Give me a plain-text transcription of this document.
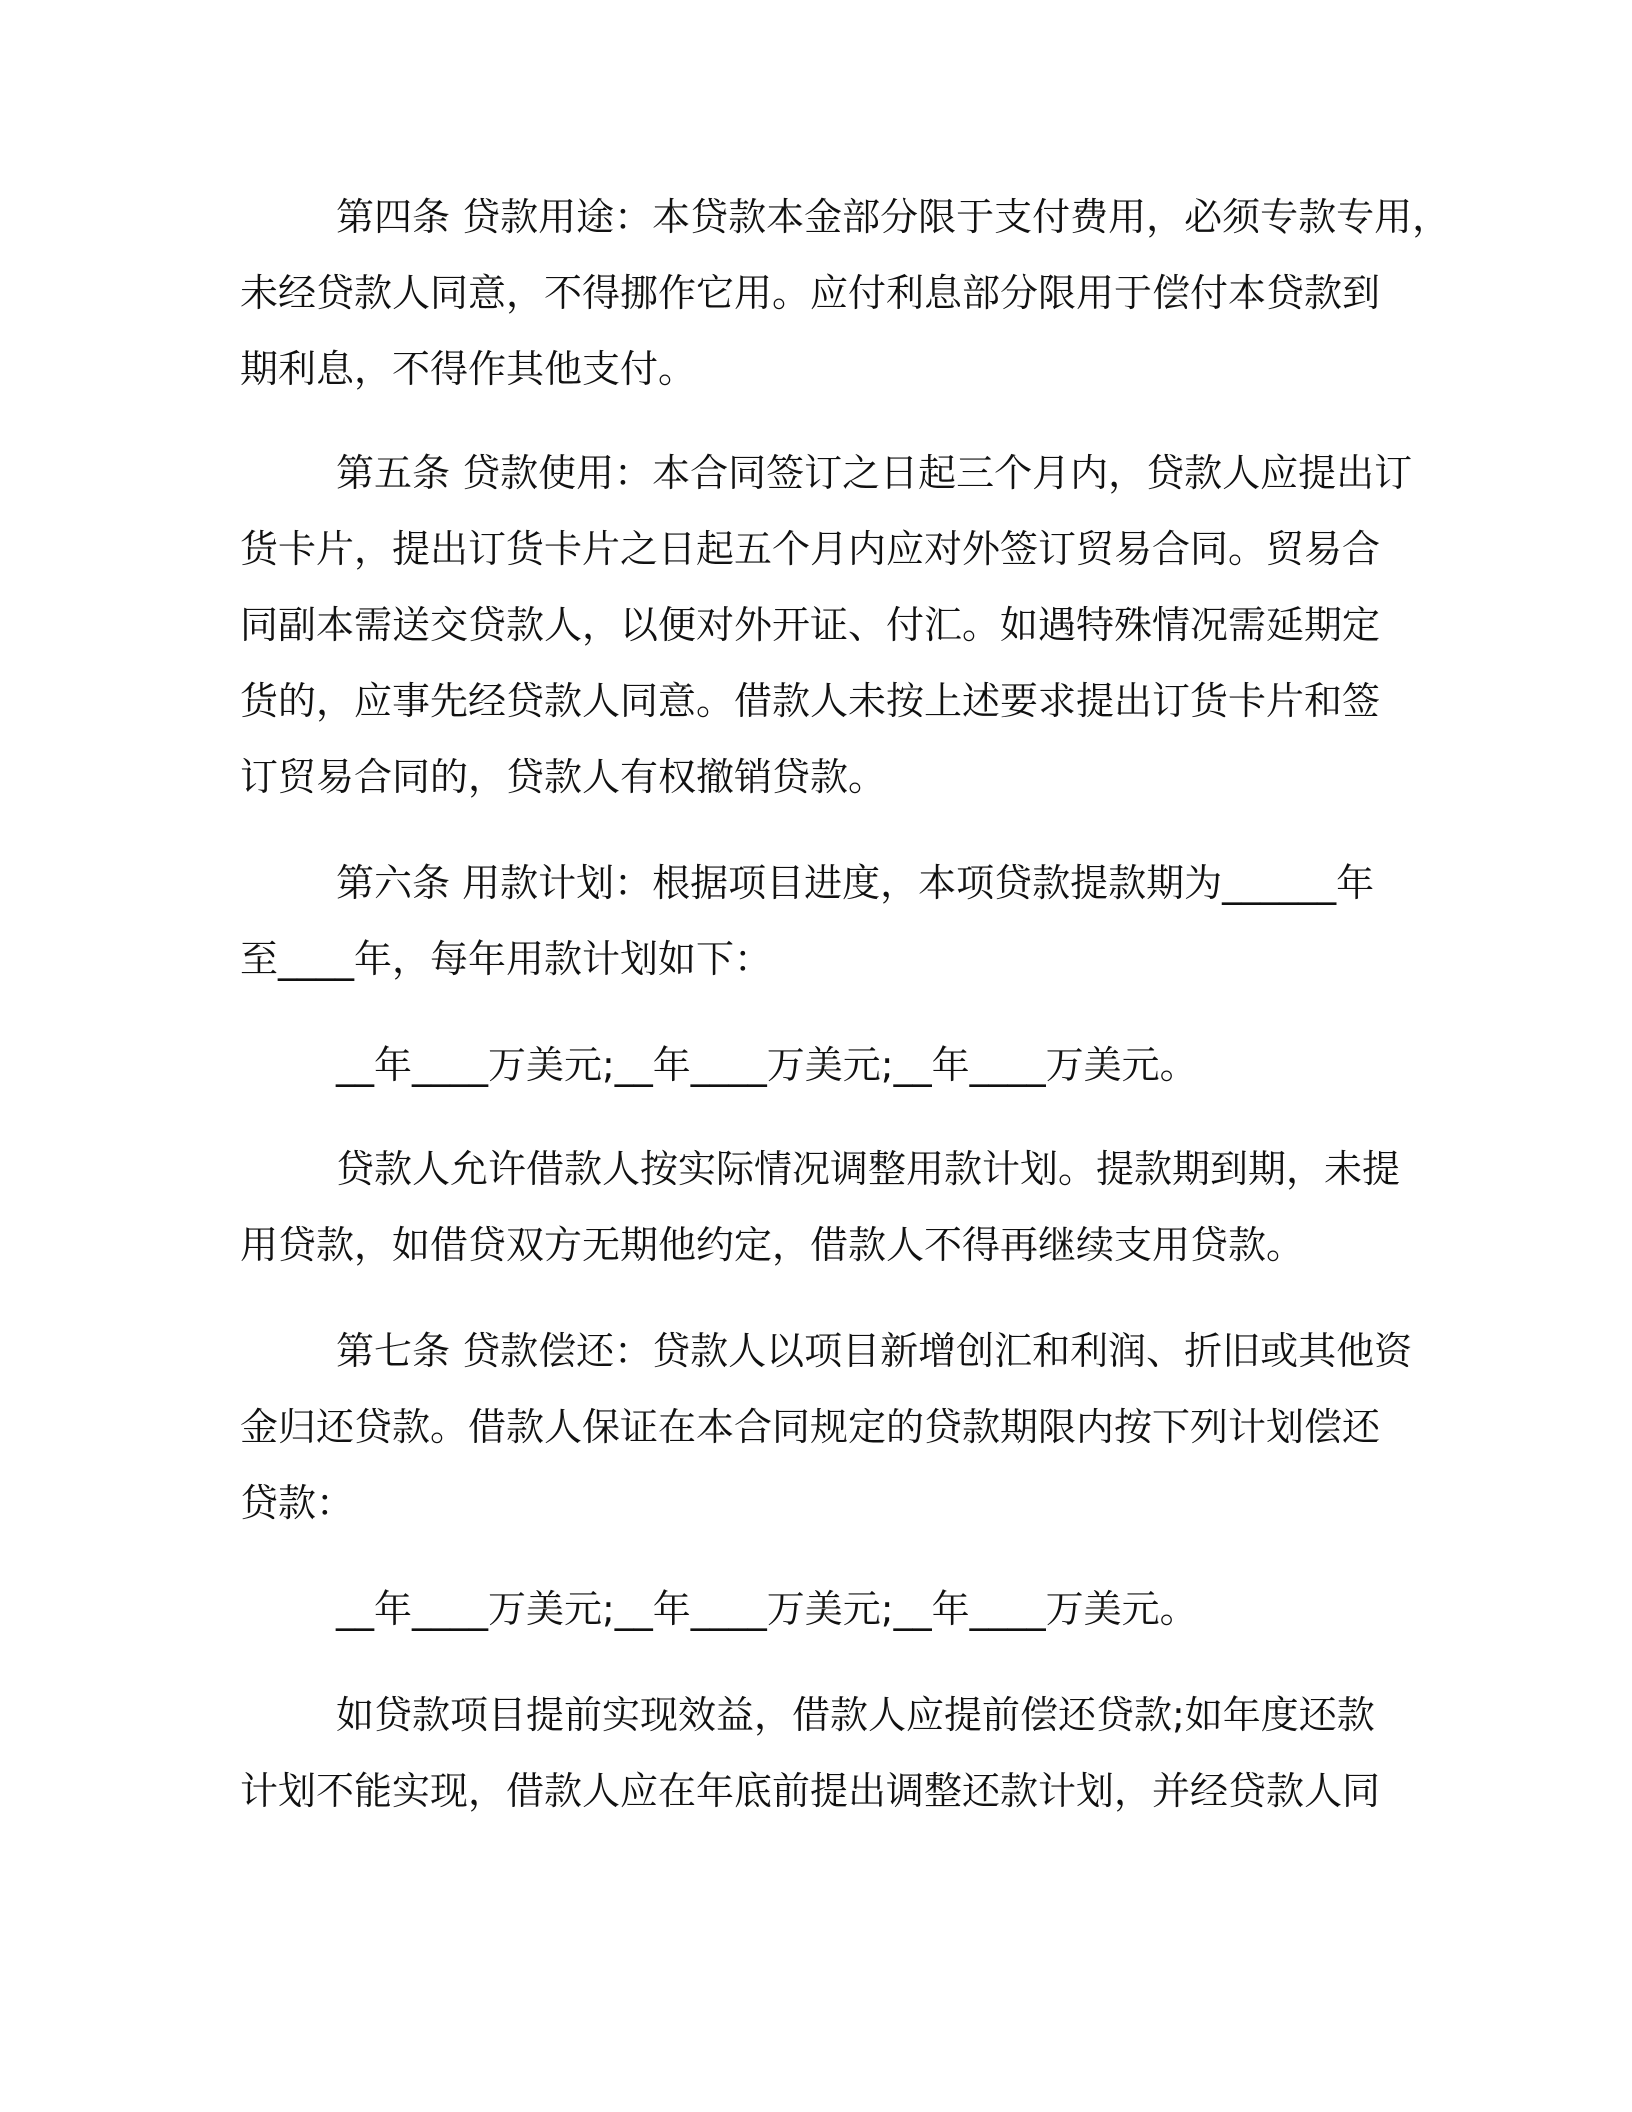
第四条 贷款用途：本贷款本金部分限于支付费用，必须专款专用，
未经贷款人同意，不得挪作它用。应付利息部分限用于偿付本贷款到
期利息，不得作其他支付。
第五条 贷款使用：本合同签订之日起三个月内，贷款人应提出订
货卡片，提出订货卡片之日起五个月内应对外签订贸易合同。贸易合
同副本需送交贷款人，以便对外开证、付汇。如遇特殊情况需延期定
货的，应事先经贷款人同意。借款人未按上述要求提出订货卡片和签
订贸易合同的，贷款人有权撤销贷款。
第六条 用款计划：根据项目进度，本项贷款提款期为______年
至____年，每年用款计划如下：
__年____万美元;__年____万美元;__年____万美元。
贷款人允许借款人按实际情况调整用款计划。提款期到期，未提
用贷款，如借贷双方无期他约定，借款人不得再继续支用贷款。
第七条 贷款偿还：贷款人以项目新增创汇和利润、折旧或其他资
金归还贷款。借款人保证在本合同规定的贷款期限内按下列计划偿还
贷款：
__年____万美元;__年____万美元;__年____万美元。
如贷款项目提前实现效益，借款人应提前偿还贷款;如年度还款
计划不能实现，借款人应在年底前提出调整还款计划，并经贷款人同
